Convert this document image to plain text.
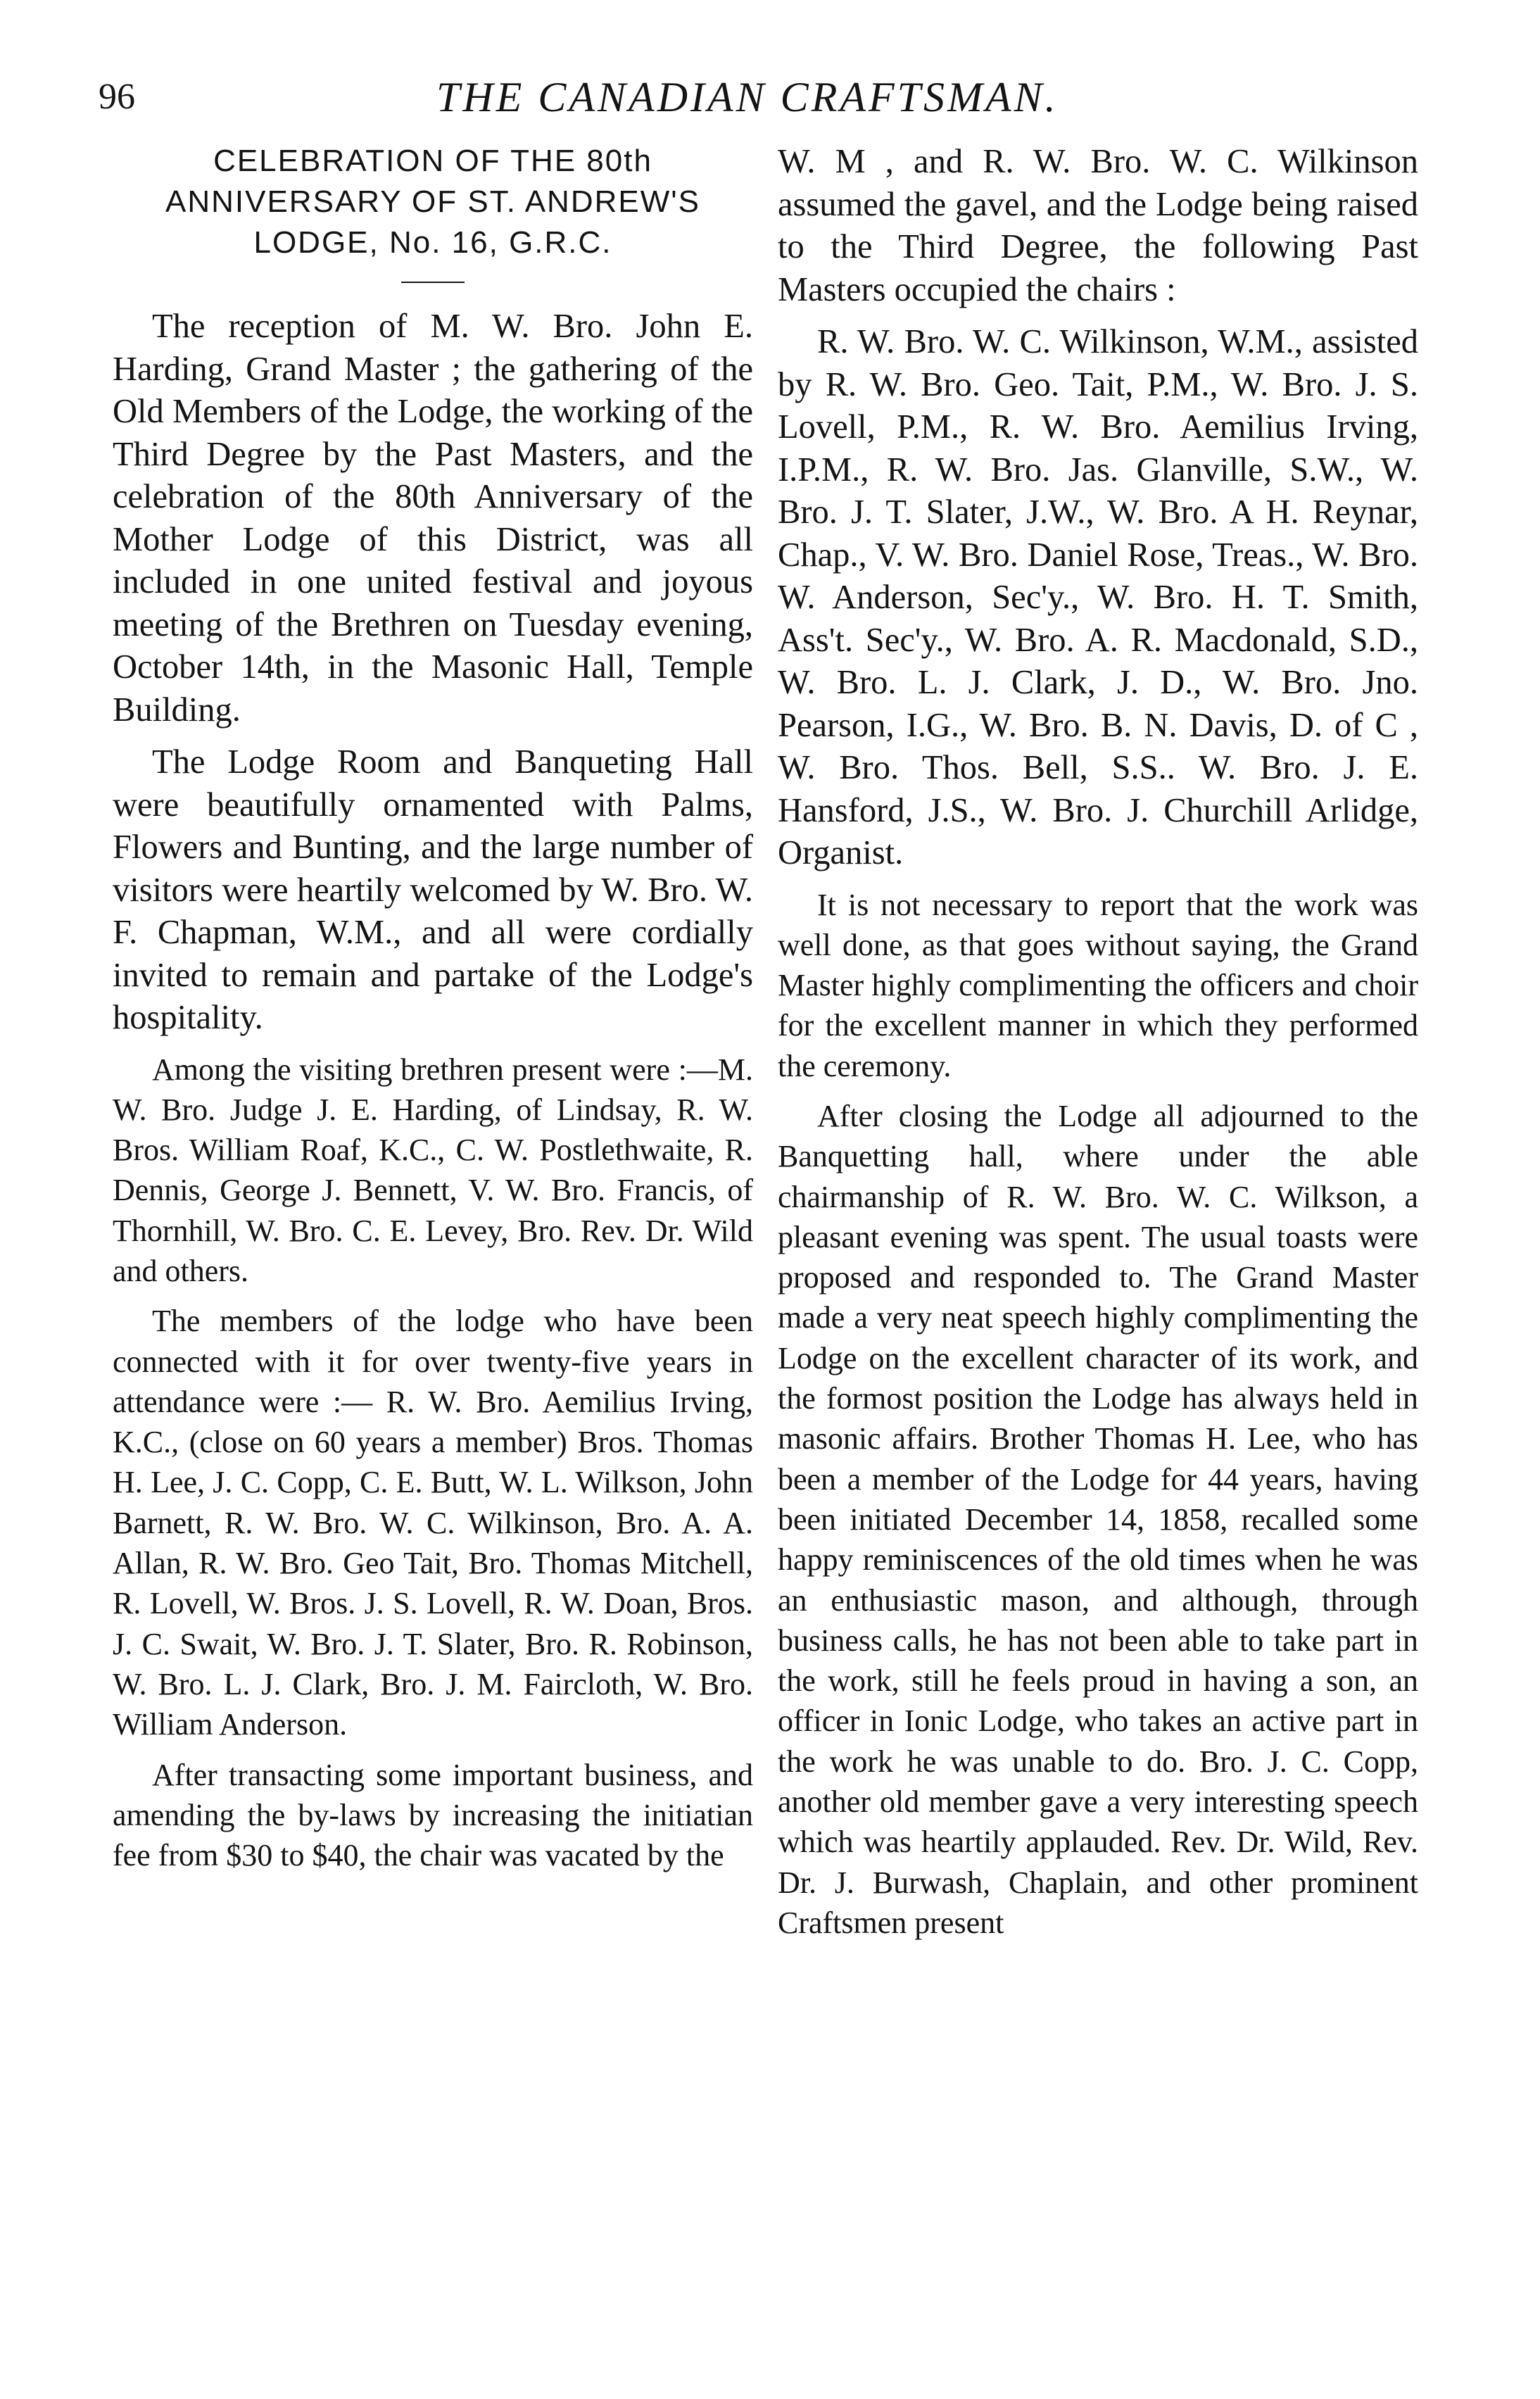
96	THE CANADIAN CRAFTSMAN.
CELEBRATION OF THE 80th ANNIVERSARY OF ST. ANDREW'S LODGE, No. 16, G.R.C.

The reception of M. W. Bro. John E. Harding, Grand Master ; the gathering of the Old Members of the Lodge, the working of the Third Degree by the Past Masters, and the celebration of the 80th Anniversary of the Mother Lodge of this District, was all included in one united festival and joyous meeting of the Brethren on Tuesday evening, October 14th, in the Masonic Hall, Temple Building.

The Lodge Room and Banqueting Hall were beautifully ornamented with Palms, Flowers and Bunting, and the large number of visitors were heartily welcomed by W. Bro. W. F. Chapman, W.M., and all were cordially invited to remain and partake of the Lodge's hospitality.

Among the visiting brethren present were :—M. W. Bro. Judge J. E. Harding, of Lindsay, R. W. Bros. William Roaf, K.C., C. W. Postlethwaite, R. Dennis, George J. Bennett, V. W. Bro. Francis, of Thornhill, W. Bro. C. E. Levey, Bro. Rev. Dr. Wild and others.

The members of the lodge who have been connected with it for over twenty-five years in attendance were :— R. W. Bro. Aemilius Irving, K.C., (close on 60 years a member) Bros. Thomas H. Lee, J. C. Copp, C. E. Butt, W. L. Wilkson, John Barnett, R. W. Bro. W. C. Wilkinson, Bro. A. A. Allan, R. W. Bro. Geo Tait, Bro. Thomas Mitchell, R. Lovell, W. Bros. J. S. Lovell, R. W. Doan, Bros. J. C. Swait, W. Bro. J. T. Slater, Bro. R. Robinson, W. Bro. L. J. Clark, Bro. J. M. Faircloth, W. Bro. William Anderson.

After transacting some important business, and amending the by-laws by increasing the initiatian fee from $30 to $40, the chair was vacated by the

W. M , and R. W. Bro. W. C. Wilkinson assumed the gavel, and the Lodge being raised to the Third Degree, the following Past Masters occupied the chairs :

R. W. Bro. W. C. Wilkinson, W.M., assisted by R. W. Bro. Geo. Tait, P.M., W. Bro. J. S. Lovell, P.M., R. W. Bro. Aemilius Irving, I.P.M., R. W. Bro. Jas. Glanville, S.W., W. Bro. J. T. Slater, J.W., W. Bro. A H. Reynar, Chap., V. W. Bro. Daniel Rose, Treas., W. Bro. W. Anderson, Sec'y., W. Bro. H. T. Smith, Ass't. Sec'y., W. Bro. A. R. Macdonald, S.D., W. Bro. L. J. Clark, J. D., W. Bro. Jno. Pearson, I.G., W. Bro. B. N. Davis, D. of C , W. Bro. Thos. Bell, S.S.. W. Bro. J. E. Hansford, J.S., W. Bro. J. Churchill Arlidge, Organist.

It is not necessary to report that the work was well done, as that goes without saying, the Grand Master highly complimenting the officers and choir for the excellent manner in which they performed the ceremony.

After closing the Lodge all adjourned to the Banquetting hall, where under the able chairmanship of R. W. Bro. W. C. Wilkson, a pleasant evening was spent. The usual toasts were proposed and responded to. The Grand Master made a very neat speech highly complimenting the Lodge on the excellent character of its work, and the formost position the Lodge has always held in masonic affairs. Brother Thomas H. Lee, who has been a member of the Lodge for 44 years, having been initiated December 14, 1858, recalled some happy reminiscences of the old times when he was an enthusiastic mason, and although, through business calls, he has not been able to take part in the work, still he feels proud in having a son, an officer in Ionic Lodge, who takes an active part in the work he was unable to do. Bro. J. C. Copp, another old member gave a very interesting speech which was heartily applauded. Rev. Dr. Wild, Rev. Dr. J. Burwash, Chaplain, and other prominent Craftsmen present
